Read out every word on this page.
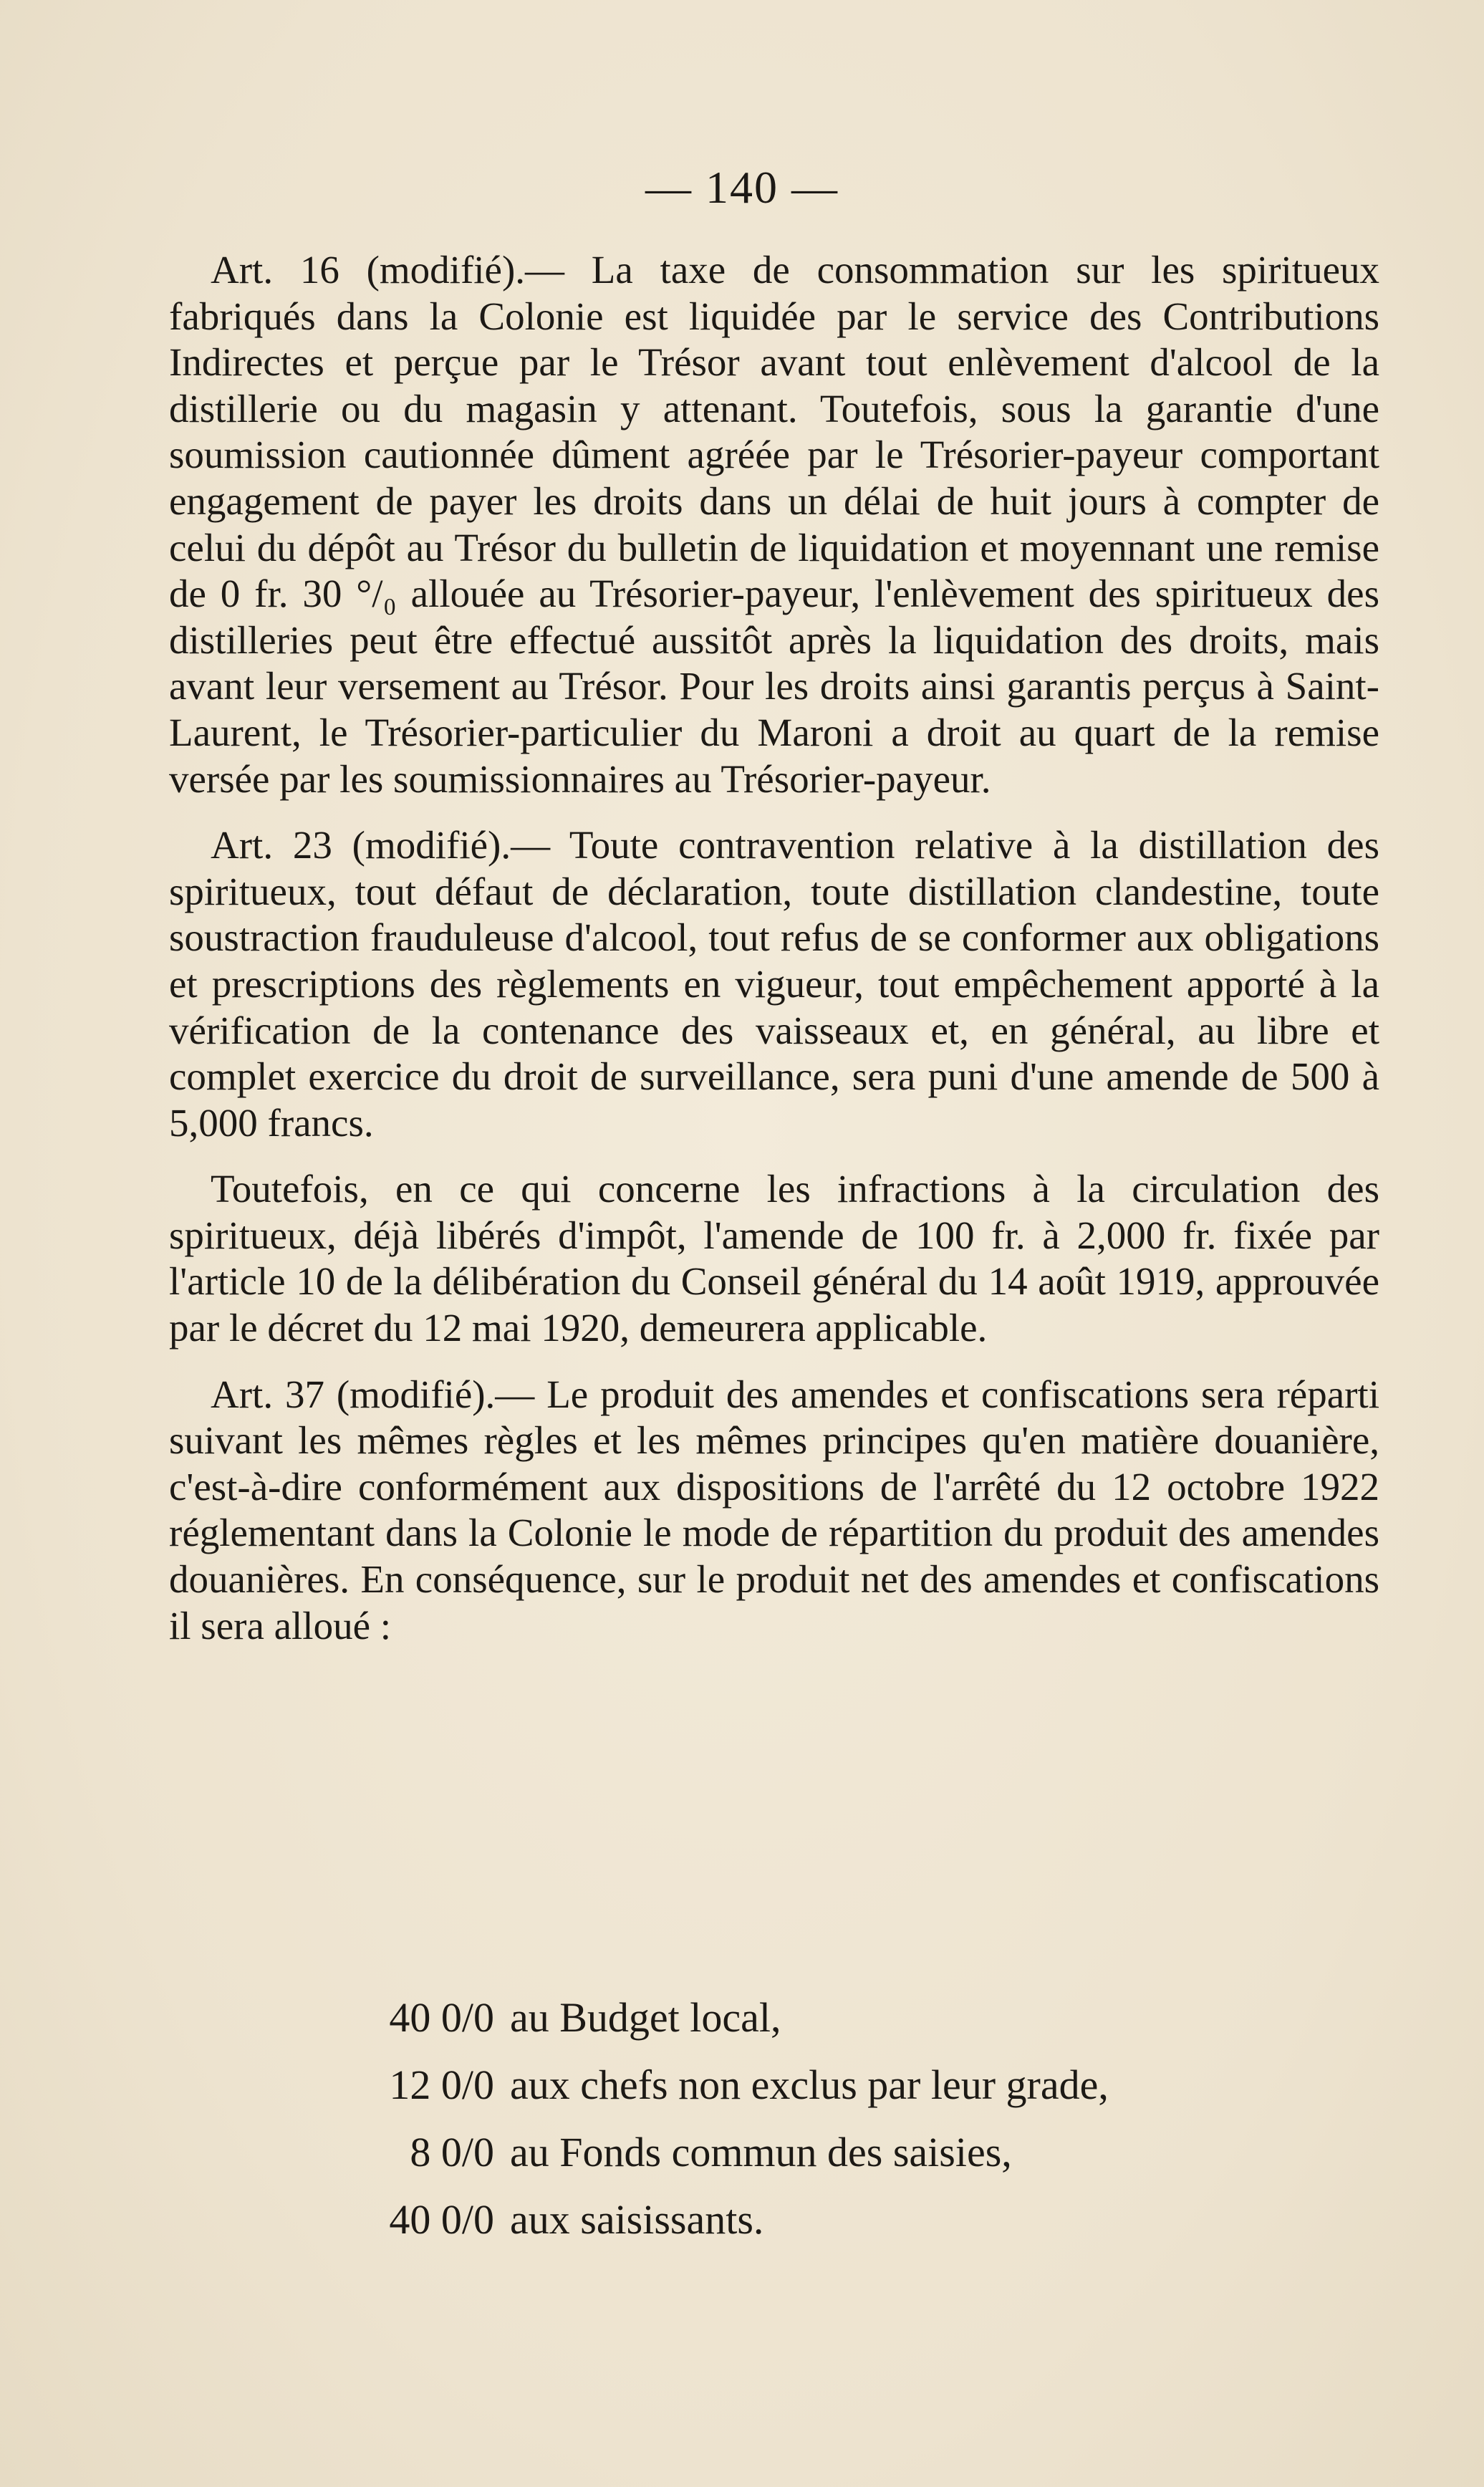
— 140 —

Art. 16 (modifié).— La taxe de consommation sur les spiritueux fabriqués dans la Colonie est liquidée par le service des Contributions Indirectes et perçue par le Trésor avant tout enlèvement d'alcool de la distillerie ou du magasin y attenant. Toutefois, sous la garantie d'une soumission cautionnée dûment agréée par le Trésorier-payeur comportant engagement de payer les droits dans un délai de huit jours à compter de celui du dépôt au Trésor du bulletin de liquidation et moyennant une remise de 0 fr. 30 °/₀ allouée au Trésorier-payeur, l'enlèvement des spiritueux des distilleries peut être effectué aussitôt après la liquidation des droits, mais avant leur versement au Trésor. Pour les droits ainsi garantis perçus à Saint-Laurent, le Trésorier-particulier du Maroni a droit au quart de la remise versée par les soumissionnaires au Trésorier-payeur.

Art. 23 (modifié).— Toute contravention relative à la distillation des spiritueux, tout défaut de déclaration, toute distillation clandestine, toute soustraction frauduleuse d'alcool, tout refus de se conformer aux obligations et prescriptions des règlements en vigueur, tout empêchement apporté à la vérification de la contenance des vaisseaux et, en général, au libre et complet exercice du droit de surveillance, sera puni d'une amende de 500 à 5,000 francs.

Toutefois, en ce qui concerne les infractions à la circulation des spiritueux, déjà libérés d'impôt, l'amende de 100 fr. à 2,000 fr. fixée par l'article 10 de la délibération du Conseil général du 14 août 1919, approuvée par le décret du 12 mai 1920, demeurera applicable.

Art. 37 (modifié).— Le produit des amendes et confiscations sera réparti suivant les mêmes règles et les mêmes principes qu'en matière douanière, c'est-à-dire conformément aux dispositions de l'arrêté du 12 octobre 1922 réglementant dans la Colonie le mode de répartition du produit des amendes douanières. En conséquence, sur le produit net des amendes et confiscations il sera alloué :

40 0/0 au Budget local,
12 0/0 aux chefs non exclus par leur grade,
8 0/0 au Fonds commun des saisies,
40 0/0 aux saisissants.
